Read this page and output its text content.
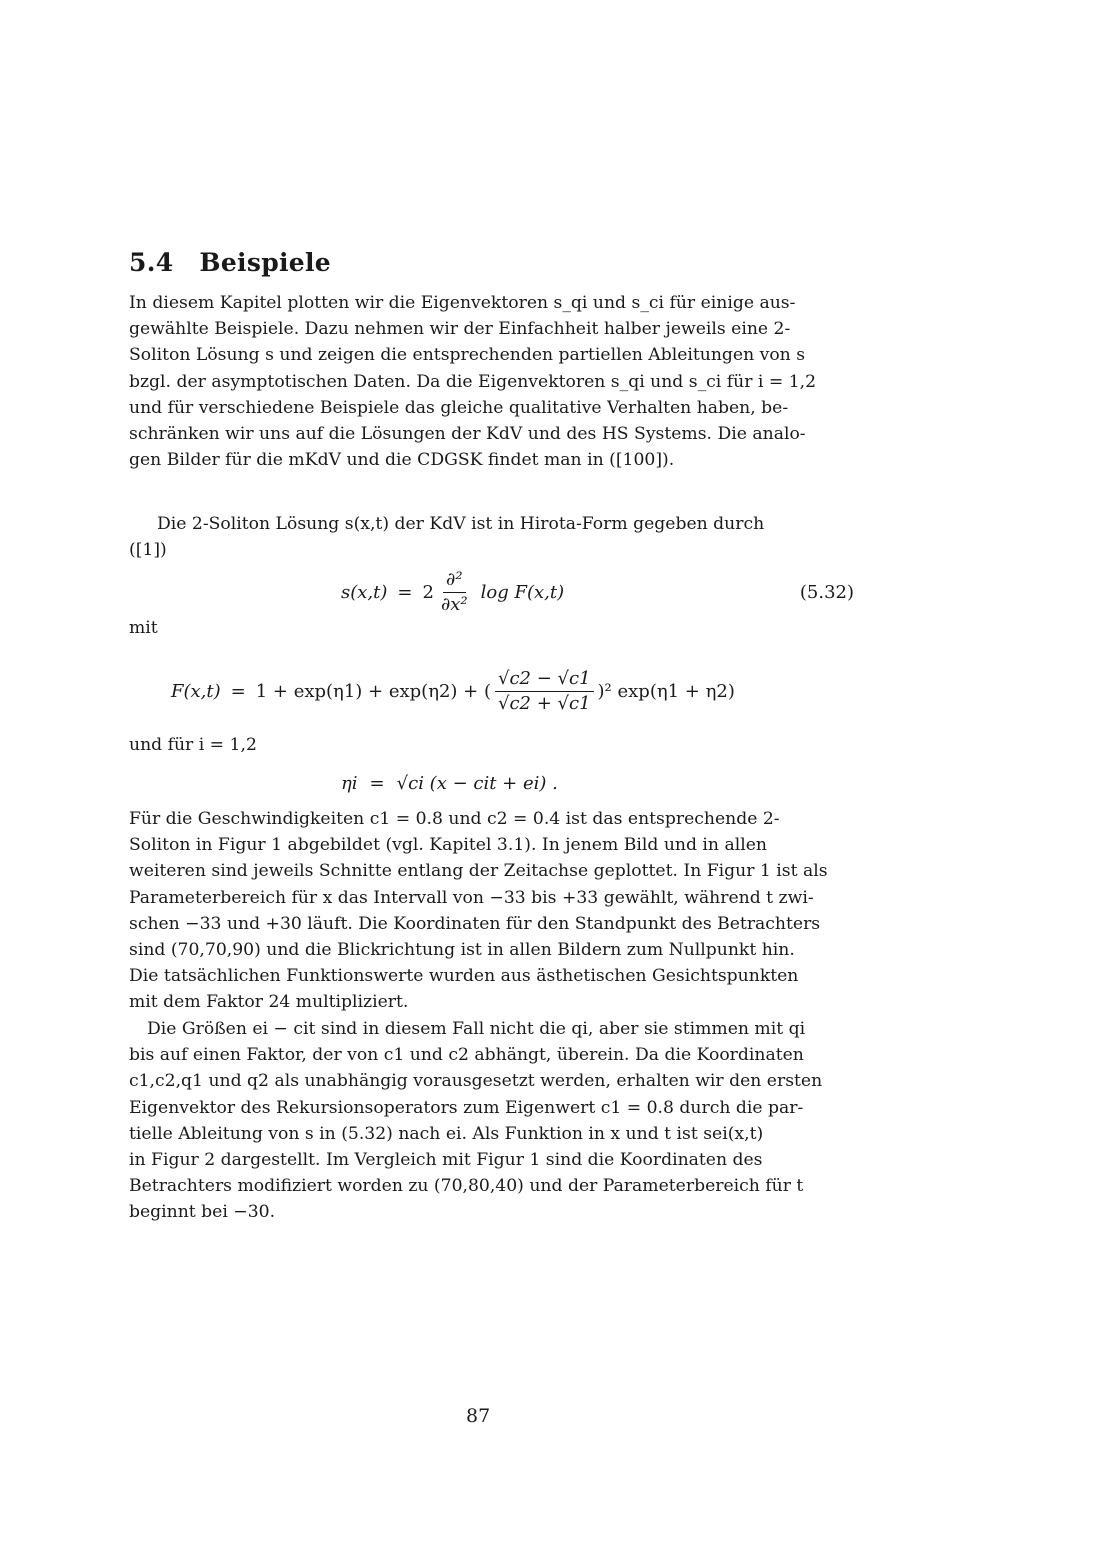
5.4 Beispiele

In diesem Kapitel plotten wir die Eigenvektoren s_qi und s_ci für einige aus-
gewählte Beispiele. Dazu nehmen wir der Einfachheit halber jeweils eine 2-
Soliton Lösung s und zeigen die entsprechenden partiellen Ableitungen von s
bzgl. der asymptotischen Daten. Da die Eigenvektoren s_qi und s_ci für i = 1,2
und für verschiedene Beispiele das gleiche qualitative Verhalten haben, be-
schränken wir uns auf die Lösungen der KdV und des HS Systems. Die analo-
gen Bilder für die mKdV und die CDGSK findet man in ([100]).

Die 2-Soliton Lösung s(x,t) der KdV ist in Hirota-Form gegeben durch
([1])

$s(x,t) = 2 \frac{\text{∂²}}{\text{∂x²}}$ log F(x,t)	(5.32)
mit
F(x,t) = 1 + exp(η1) + exp(η2) + ( $\frac{√c2 - √c1}{√c2 + √c1} )^2$ exp(η1 + η2)
und für i = 1,2
ηi = √ci (x − cit + ei) .

Für die Geschwindigkeiten c1 = 0.8 und c2 = 0.4 ist das entsprechende 2-
Soliton in Figur 1 abgebildet (vgl. Kapitel 3.1). In jenem Bild und in allen
weiteren sind jeweils Schnitte entlang der Zeitachse geplottet. In Figur 1 ist als
Parameterbereich für x das Intervall von −33 bis +33 gewählt, während t zwi-
schen −33 und +30 läuft. Die Koordinaten für den Standpunkt des Betrachters
sind (70,70,90) und die Blickrichtung ist in allen Bildern zum Nullpunkt hin.
Die tatsächlichen Funktionswerte wurden aus ästhetischen Gesichtspunkten
mit dem Faktor 24 multipliziert.

Die Größen ei − cit sind in diesem Fall nicht die qi, aber sie stimmen mit qi
bis auf einen Faktor, der von c1 und c2 abhängt, überein. Da die Koordinaten
c1,c2,q1 und q2 als unabhängig vorausgesetzt werden, erhalten wir den ersten
Eigenvektor des Rekursionsoperators zum Eigenwert c1 = 0.8 durch die par-
tielle Ableitung von s in (5.32) nach ei. Als Funktion in x und t ist sei(x,t)
in Figur 2 dargestellt. Im Vergleich mit Figur 1 sind die Koordinaten des
Betrachters modifiziert worden zu (70,80,40) und der Parameterbereich für t
beginnt bei −30.

87
